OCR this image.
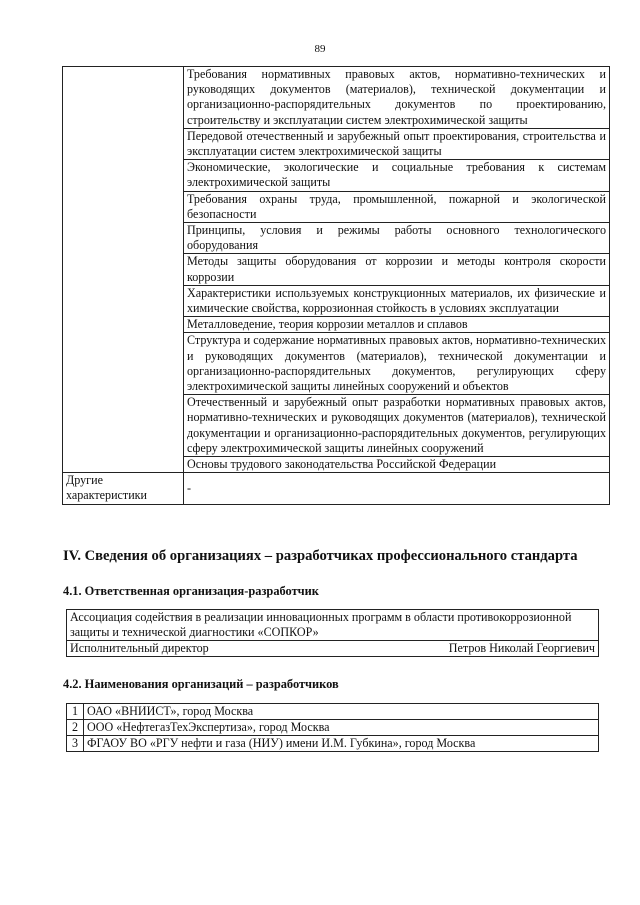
89
	Требования нормативных правовых актов, нормативно-технических и руководящих документов (материалов), технической документации и организационно-распорядительных документов по проектированию, строительству и эксплуатации систем электрохимической защиты
	Передовой отечественный и зарубежный опыт проектирования, строительства и эксплуатации систем электрохимической защиты
	Экономические, экологические и социальные требования к системам электрохимической защиты
	Требования охраны труда, промышленной, пожарной и экологической безопасности
	Принципы, условия и режимы работы основного технологического оборудования
	Методы защиты оборудования от коррозии и методы контроля скорости коррозии
	Характеристики используемых конструкционных материалов, их физические и химические свойства, коррозионная стойкость в условиях эксплуатации
	Металловедение, теория коррозии металлов и сплавов
	Структура и содержание нормативных правовых актов, нормативно-технических и руководящих документов (материалов), технической документации и организационно-распорядительных документов, регулирующих сферу электрохимической защиты линейных сооружений и объектов
	Отечественный и зарубежный опыт разработки нормативных правовых актов, нормативно-технических и руководящих документов (материалов), технической документации и организационно-распорядительных документов, регулирующих сферу электрохимической защиты линейных сооружений
	Основы трудового законодательства Российской Федерации
Другие характеристики	-
IV. Сведения об организациях – разработчиках профессионального стандарта
4.1. Ответственная организация-разработчик
Ассоциация содействия в реализации инновационных программ в области противокоррозионной защиты и технической диагностики «СОПКОР»

Исполнительный директор	Петров Николай Георгиевич
4.2. Наименования организаций – разработчиков
1	ОАО «ВНИИСТ», город Москва
2	ООО «НефтегазТехЭкспертиза», город Москва
3	ФГАОУ ВО «РГУ нефти и газа (НИУ) имени И.М. Губкина», город Москва
